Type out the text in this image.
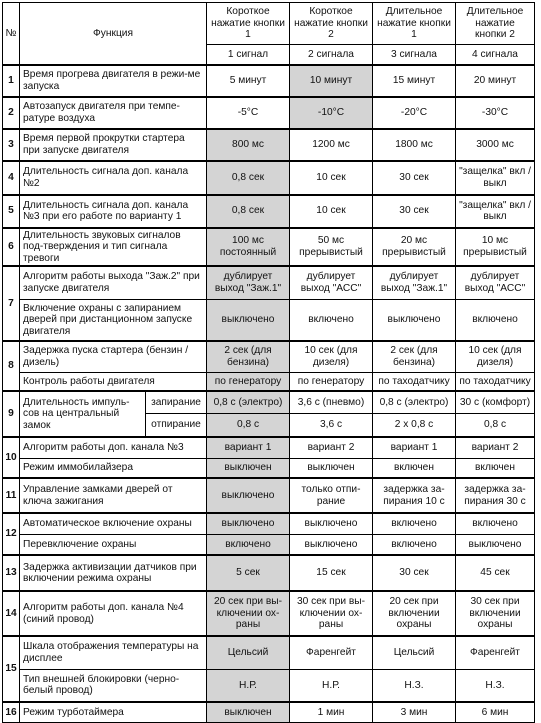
№	Функция		Короткое нажатие кнопки 1	Короткое нажатие кнопки 2	Длительное нажатие кнопки 1	Длительное нажатие кнопки 2
			1 сигнал	2 сигнала	3 сигнала	4 сигнала
1	Время прогрева двигателя в режи-ме запуска		5 минут	10 минут	15 минут	20 минут
2	Автозапуск двигателя при темпе-ратуре воздуха		-5°C	-10°C	-20°C	-30°C
3	Время первой прокрутки стартера при запуске двигателя		800 мс	1200 мс	1800 мс	3000 мс
4	Длительность сигнала доп. канала №2		0,8 сек	10 сек	30 сек	"защелка" вкл / выкл
5	Длительность сигнала доп. канала №3 при его работе по варианту 1		0,8 сек	10 сек	30 сек	"защелка" вкл / выкл
6	Длительность звуковых сигналов под-тверждения и тип сигнала тревоги		100 мс постоянный	50 мс прерывистый	20 мс прерывистый	10 мс прерывистый
7	Алгоритм работы выхода "Заж.2" при запуске двигателя		дублирует выход "Заж.1"	дублирует выход "АСС"	дублирует выход "Заж.1"	дублирует выход "АСС"
	Включение охраны с запиранием дверей при дистанционном запуске двигателя		выключено	включено	выключено	включено
8	Задержка пуска стартера (бензин / дизель)		2 сек (для бензина)	10 сек (для дизеля)	2 сек (для бензина)	10 сек (для дизеля)
	Контроль работы двигателя		по генератору	по генератору	по таходатчику	по таходатчику
9	Длительность импуль-сов на центральный замок	запирание	0,8 с (электро)	3,6 с (пневмо)	0,8 с (электро)	30 с (комфорт)
		отпирание	0,8 с	3,6 с	2 х 0,8 с	0,8 с
10	Алгоритм работы доп. канала №3		вариант 1	вариант 2	вариант 1	вариант 2
	Режим иммобилайзера		выключен	выключен	включен	включен
11	Управление замками дверей от ключа зажигания		выключено	только отпи-рание	задержка за-пирания 10 с	задержка за-пирания 30 с
12	Автоматическое включение охраны		выключено	выключено	включено	включено
	Перевключение охраны		включено	выключено	включено	выключено
13	Задержка активизации датчиков при включении режима охраны		5 сек	15 сек	30 сек	45 сек
14	Алгоритм работы доп. канала №4 (синий провод)		20 сек при вы-ключении ох-раны	30 сек при вы-ключении ох-раны	20 сек при включении охраны	30 сек при включении охраны
15	Шкала отображения температуры на дисплее		Цельсий	Фаренгейт	Цельсий	Фаренгейт
	Тип внешней блокировки (черно-белый провод)		Н.Р.	Н.Р.	Н.З.	Н.З.
16	Режим турботаймера		выключен	1 мин	3 мин	6 мин
